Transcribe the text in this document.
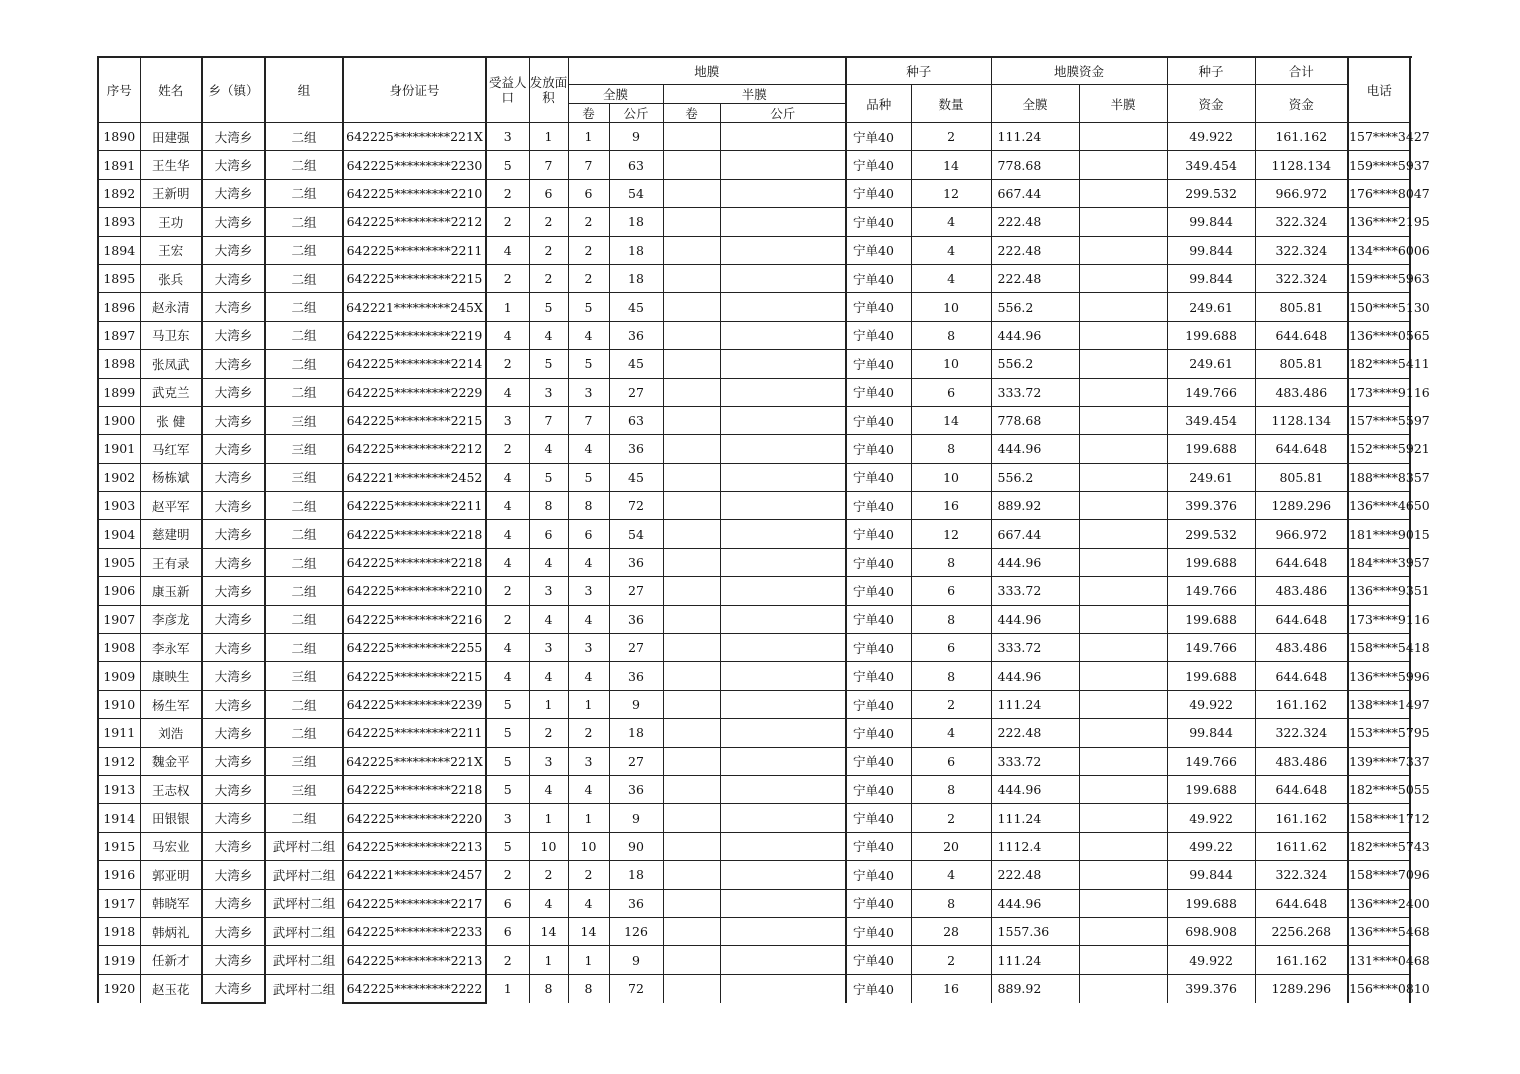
序号	姓名	乡（镇）	组	身份证号	受益人口	发放面积	地膜				种子		地膜资金		种子	合计	电话	
							全膜		半膜		品种	数量	全膜	半膜	资金	资金		
							卷	公斤	卷	公斤								
1890	田建强	大湾乡	二组	642225*********221X	3	1	1	9			宁单40	2	111.24		49.922	161.162	157****3427	
1891	王生华	大湾乡	二组	642225*********2230	5	7	7	63			宁单40	14	778.68		349.454	1128.134	159****5937	
1892	王新明	大湾乡	二组	642225*********2210	2	6	6	54			宁单40	12	667.44		299.532	966.972	176****8047	
1893	王功	大湾乡	二组	642225*********2212	2	2	2	18			宁单40	4	222.48		99.844	322.324	136****2195	
1894	王宏	大湾乡	二组	642225*********2211	4	2	2	18			宁单40	4	222.48		99.844	322.324	134****6006	
1895	张兵	大湾乡	二组	642225*********2215	2	2	2	18			宁单40	4	222.48		99.844	322.324	159****5963	
1896	赵永清	大湾乡	二组	642221*********245X	1	5	5	45			宁单40	10	556.2		249.61	805.81	150****5130	
1897	马卫东	大湾乡	二组	642225*********2219	4	4	4	36			宁单40	8	444.96		199.688	644.648	136****0565	
1898	张凤武	大湾乡	二组	642225*********2214	2	5	5	45			宁单40	10	556.2		249.61	805.81	182****5411	
1899	武克兰	大湾乡	二组	642225*********2229	4	3	3	27			宁单40	6	333.72		149.766	483.486	173****9116	
1900	张 健	大湾乡	三组	642225*********2215	3	7	7	63			宁单40	14	778.68		349.454	1128.134	157****5597	
1901	马红军	大湾乡	三组	642225*********2212	2	4	4	36			宁单40	8	444.96		199.688	644.648	152****5921	
1902	杨栋斌	大湾乡	三组	642221*********2452	4	5	5	45			宁单40	10	556.2		249.61	805.81	188****8357	
1903	赵平军	大湾乡	二组	642225*********2211	4	8	8	72			宁单40	16	889.92		399.376	1289.296	136****4650	
1904	慈建明	大湾乡	二组	642225*********2218	4	6	6	54			宁单40	12	667.44		299.532	966.972	181****9015	
1905	王有录	大湾乡	二组	642225*********2218	4	4	4	36			宁单40	8	444.96		199.688	644.648	184****3957	
1906	康玉新	大湾乡	二组	642225*********2210	2	3	3	27			宁单40	6	333.72		149.766	483.486	136****9351	
1907	李彦龙	大湾乡	二组	642225*********2216	2	4	4	36			宁单40	8	444.96		199.688	644.648	173****9116	
1908	李永军	大湾乡	二组	642225*********2255	4	3	3	27			宁单40	6	333.72		149.766	483.486	158****5418	
1909	康映生	大湾乡	三组	642225*********2215	4	4	4	36			宁单40	8	444.96		199.688	644.648	136****5996	
1910	杨生军	大湾乡	二组	642225*********2239	5	1	1	9			宁单40	2	111.24		49.922	161.162	138****1497	
1911	刘浩	大湾乡	二组	642225*********2211	5	2	2	18			宁单40	4	222.48		99.844	322.324	153****5795	
1912	魏金平	大湾乡	三组	642225*********221X	5	3	3	27			宁单40	6	333.72		149.766	483.486	139****7337	
1913	王志权	大湾乡	三组	642225*********2218	5	4	4	36			宁单40	8	444.96		199.688	644.648	182****5055	
1914	田银银	大湾乡	二组	642225*********2220	3	1	1	9			宁单40	2	111.24		49.922	161.162	158****1712	
1915	马宏业	大湾乡	武坪村二组	642225*********2213	5	10	10	90			宁单40	20	1112.4		499.22	1611.62	182****5743	
1916	郭亚明	大湾乡	武坪村二组	642221*********2457	2	2	2	18			宁单40	4	222.48		99.844	322.324	158****7096	
1917	韩晓军	大湾乡	武坪村二组	642225*********2217	6	4	4	36			宁单40	8	444.96		199.688	644.648	136****2400	
1918	韩炳礼	大湾乡	武坪村二组	642225*********2233	6	14	14	126			宁单40	28	1557.36		698.908	2256.268	136****5468	
1919	任新才	大湾乡	武坪村二组	642225*********2213	2	1	1	9			宁单40	2	111.24		49.922	161.162	131****0468	
1920	赵玉花	大湾乡	武坪村二组	642225*********2222	1	8	8	72			宁单40	16	889.92		399.376	1289.296	156****0810	
